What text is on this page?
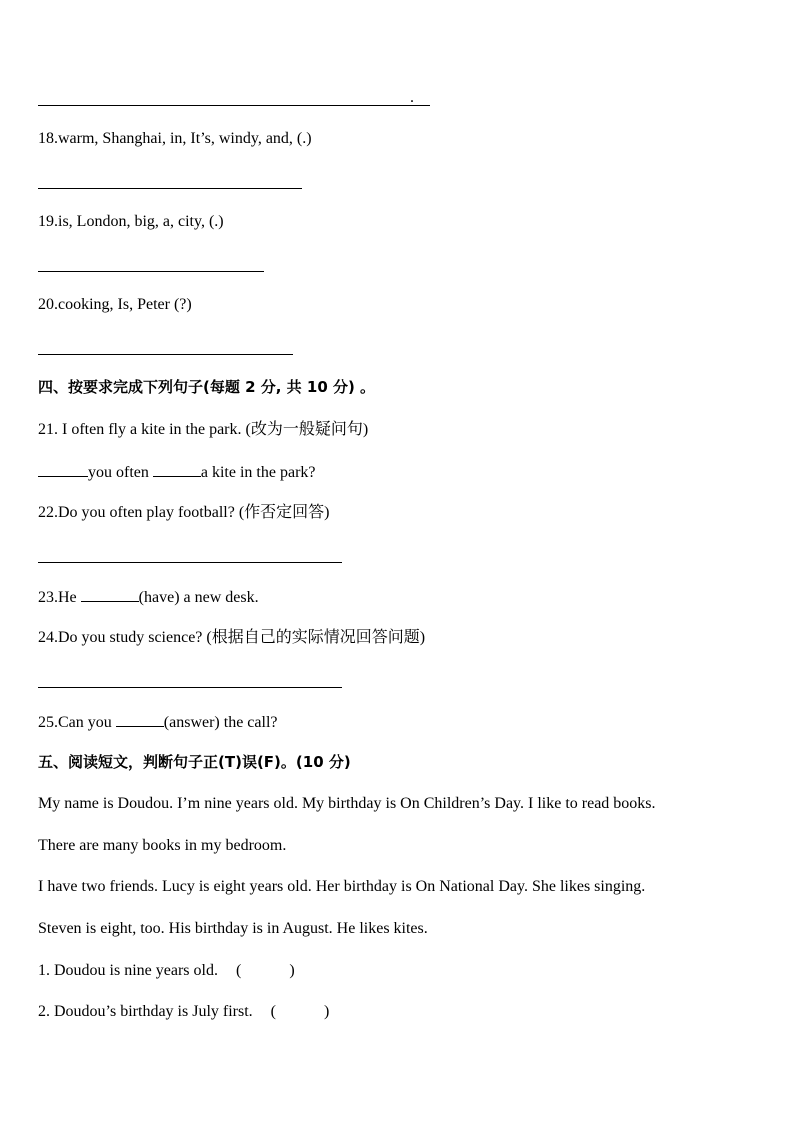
.
18.warm, Shanghai, in, It’s, windy, and, (.)
19.is, London, big, a, city, (.)
20.cooking, Is, Peter (?)
四、按要求完成下列句子(每题 2 分, 共 10 分) 。
21. I often fly a kite in the park. (改为一般疑问句)
you often	a kite in the park?
22.Do you often play football? (作否定回答)
23.He	(have) a new desk.
24.Do you study science? (根据自己的实际情况回答问题)
25.Can you	(answer) the call?
五、阅读短文，判断句子正(T)误(F)。(10 分)
My name is Doudou. I’m nine years old. My birthday is On Children’s Day. I like to read books.
There are many books in my bedroom.
I have two friends. Lucy is eight years old. Her birthday is On National Day. She likes singing.
Steven is eight, too. His birthday is in August. He likes kites.
1. Doudou is nine years old. (	)
2. Doudou’s birthday is July first. (	)
